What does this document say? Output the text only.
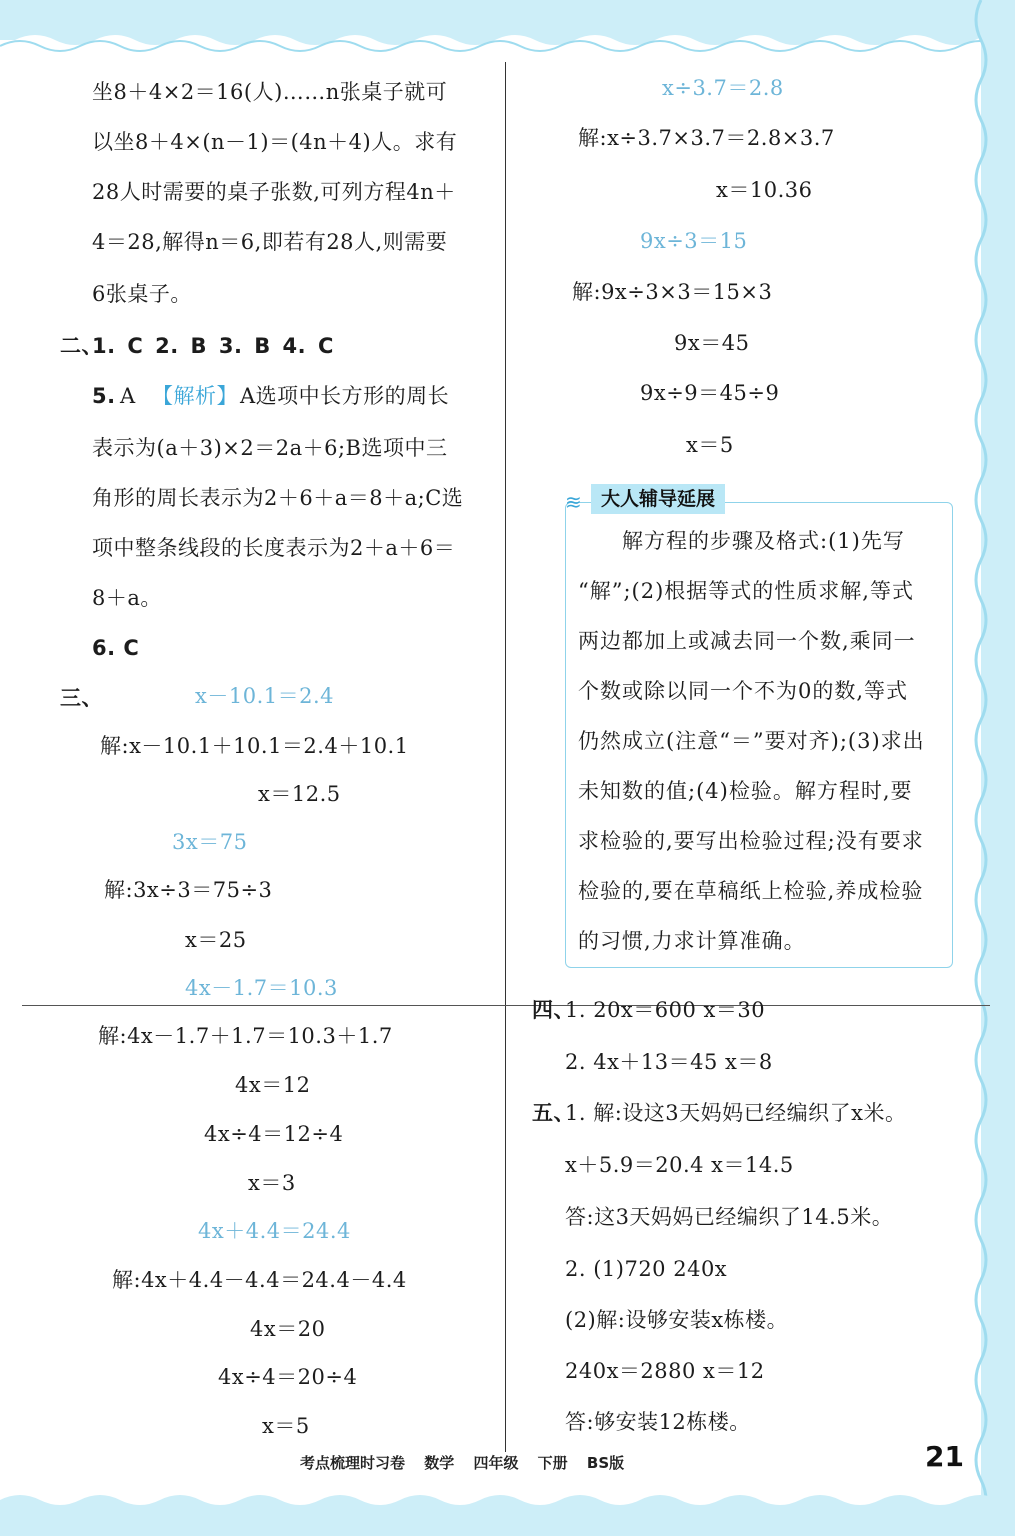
坐8＋4×2＝16(人)……n张桌子就可
以坐8＋4×(n－1)＝(4n＋4)人。求有
28人时需要的桌子张数,可列方程4n＋
4＝28,解得n＝6,即若有28人,则需要
6张桌子。
二、
1. C 2. B 3. B 4. C
5. A 【解析】 A选项中长方形的周长
表示为(a＋3)×2＝2a＋6;B选项中三
角形的周长表示为2＋6＋a＝8＋a;C选
项中整条线段的长度表示为2＋a＋6＝
8＋a。
6. C
三、	x－10.1＝2.4
解:x－10.1＋10.1＝2.4＋10.1
x＝12.5
3x＝75
解:3x÷3＝75÷3
x＝25
4x－1.7＝10.3
解:4x－1.7＋1.7＝10.3＋1.7
4x＝12
4x÷4＝12÷4
x＝3
4x＋4.4＝24.4
解:4x＋4.4－4.4＝24.4－4.4
4x＝20
4x÷4＝20÷4
x＝5
x÷3.7＝2.8
解:x÷3.7×3.7＝2.8×3.7
x＝10.36
9x÷3＝15
解:9x÷3×3＝15×3
9x＝45
9x÷9＝45÷9
x＝5
≋	大人辅导延展
解方程的步骤及格式:(1)先写
“解”;(2)根据等式的性质求解,等式
两边都加上或减去同一个数,乘同一
个数或除以同一个不为0的数,等式
仍然成立(注意“＝”要对齐);(3)求出
未知数的值;(4)检验。解方程时,要
求检验的,要写出检验过程;没有要求
检验的,要在草稿纸上检验,养成检验
的习惯,力求计算准确。
四、
1. 20x＝600 x＝30
2. 4x＋13＝45 x＝8
五、
1. 解:设这3天妈妈已经编织了x米。
x＋5.9＝20.4 x＝14.5
答:这3天妈妈已经编织了14.5米。
2. (1)720 240x
(2)解:设够安装x栋楼。
240x＝2880 x＝12
答:够安装12栋楼。
考点梳理时习卷 数学 四年级 下册 BS版	21
